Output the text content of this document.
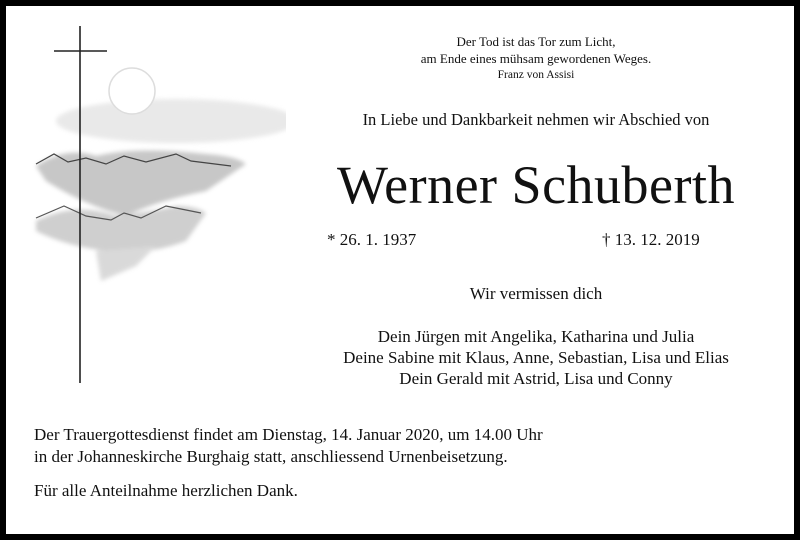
Der Tod ist das Tor zum Licht,
am Ende eines mühsam gewordenen Weges.
Franz von Assisi
In Liebe und Dankbarkeit nehmen wir Abschied von
Werner Schuberth
* 26. 1. 1937	† 13. 12. 2019
Wir vermissen dich
Dein Jürgen mit Angelika, Katharina und Julia
Deine Sabine mit Klaus, Anne, Sebastian, Lisa und Elias
Dein Gerald mit Astrid, Lisa und Conny
Der Trauergottesdienst findet am Dienstag, 14. Januar 2020, um 14.00 Uhr
in der Johanneskirche Burghaig statt, anschliessend Urnenbeisetzung.
Für alle Anteilnahme herzlichen Dank.
